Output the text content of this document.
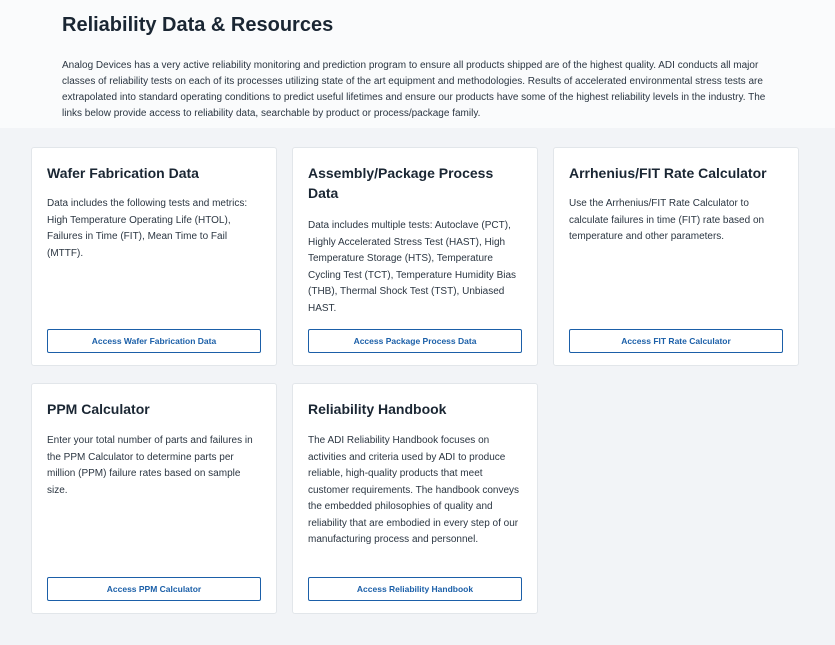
Reliability Data & Resources

Analog Devices has a very active reliability monitoring and prediction program to ensure all products shipped are of the highest quality. ADI conducts all major classes of reliability tests on each of its processes utilizing state of the art equipment and methodologies. Results of accelerated environmental stress tests are extrapolated into standard operating conditions to predict useful lifetimes and ensure our products have some of the highest reliability levels in the industry. The links below provide access to reliability data, searchable by product or process/package family.

Wafer Fabrication Data
Data includes the following tests and metrics: High Temperature Operating Life (HTOL), Failures in Time (FIT), Mean Time to Fail (MTTF).
Access Wafer Fabrication Data
Assembly/Package Process Data
Data includes multiple tests: Autoclave (PCT), Highly Accelerated Stress Test (HAST), High Temperature Storage (HTS), Temperature Cycling Test (TCT), Temperature Humidity Bias (THB), Thermal Shock Test (TST), Unbiased HAST.
Access Package Process Data
Arrhenius/FIT Rate Calculator
Use the Arrhenius/FIT Rate Calculator to calculate failures in time (FIT) rate based on temperature and other parameters.
Access FIT Rate Calculator
PPM Calculator
Enter your total number of parts and failures in the PPM Calculator to determine parts per million (PPM) failure rates based on sample size.
Access PPM Calculator
Reliability Handbook
The ADI Reliability Handbook focuses on activities and criteria used by ADI to produce reliable, high-quality products that meet customer requirements. The handbook conveys the embedded philosophies of quality and reliability that are embodied in every step of our manufacturing process and personnel.
Access Reliability Handbook
